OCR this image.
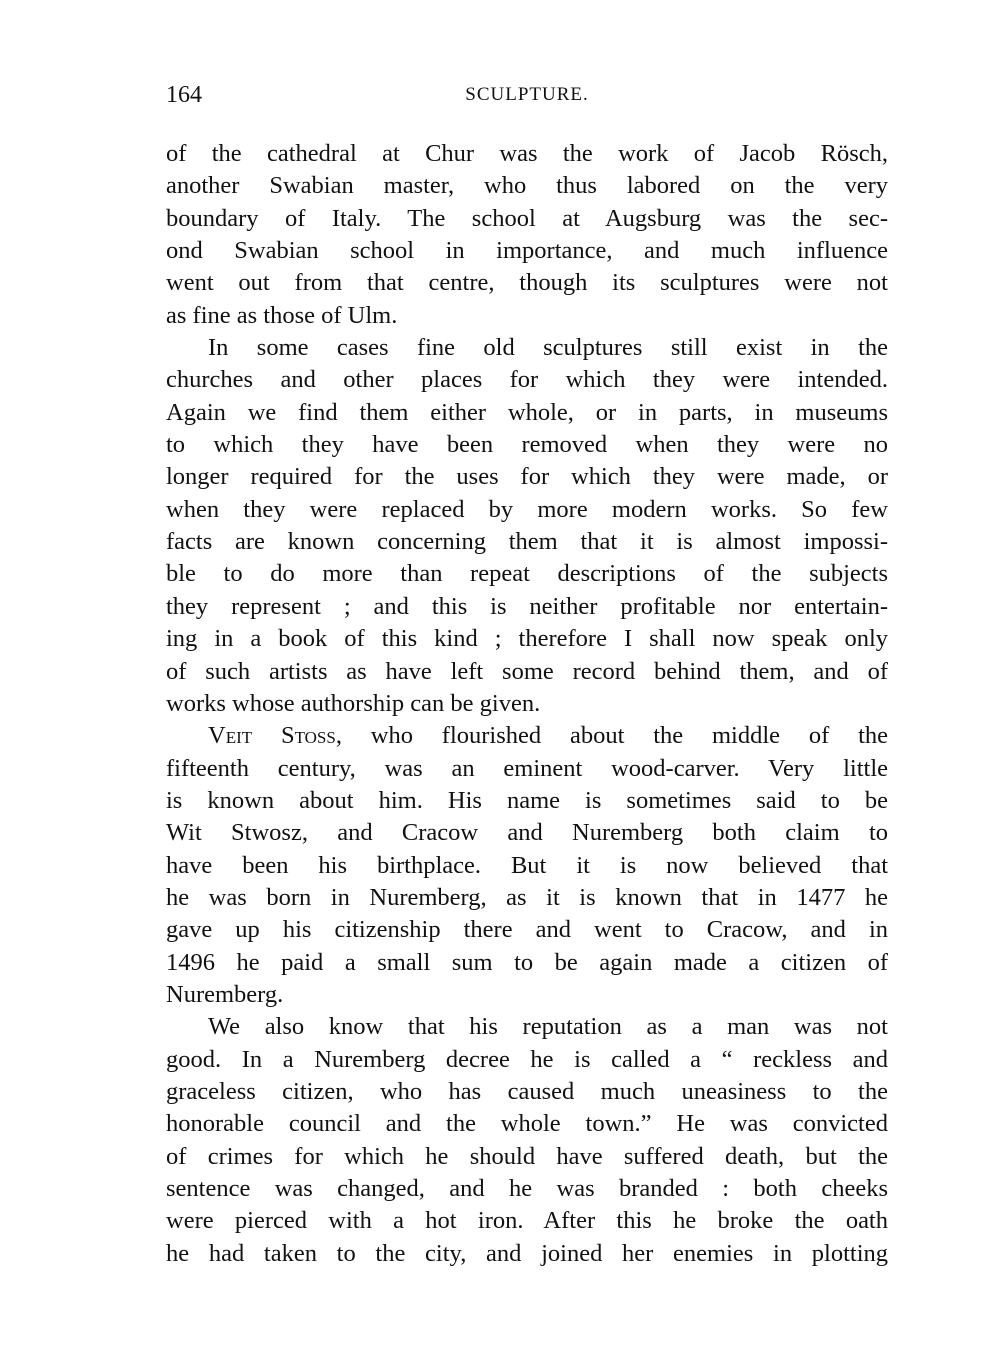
164	SCULPTURE.
of the cathedral at Chur was the work of Jacob Rösch,
another Swabian master, who thus labored on the very
boundary of Italy. The school at Augsburg was the sec-
ond Swabian school in importance, and much influence
went out from that centre, though its sculptures were not
as fine as those of Ulm.
In some cases fine old sculptures still exist in the
churches and other places for which they were intended.
Again we find them either whole, or in parts, in museums
to which they have been removed when they were no
longer required for the uses for which they were made, or
when they were replaced by more modern works. So few
facts are known concerning them that it is almost impossi-
ble to do more than repeat descriptions of the subjects
they represent ; and this is neither profitable nor entertain-
ing in a book of this kind ; therefore I shall now speak only
of such artists as have left some record behind them, and of
works whose authorship can be given.
Veit Stoss, who flourished about the middle of the
fifteenth century, was an eminent wood-carver. Very little
is known about him. His name is sometimes said to be
Wit Stwosz, and Cracow and Nuremberg both claim to
have been his birthplace. But it is now believed that
he was born in Nuremberg, as it is known that in 1477 he
gave up his citizenship there and went to Cracow, and in
1496 he paid a small sum to be again made a citizen of
Nuremberg.
We also know that his reputation as a man was not
good. In a Nuremberg decree he is called a “ reckless and
graceless citizen, who has caused much uneasiness to the
honorable council and the whole town.” He was convicted
of crimes for which he should have suffered death, but the
sentence was changed, and he was branded : both cheeks
were pierced with a hot iron. After this he broke the oath
he had taken to the city, and joined her enemies in plotting
